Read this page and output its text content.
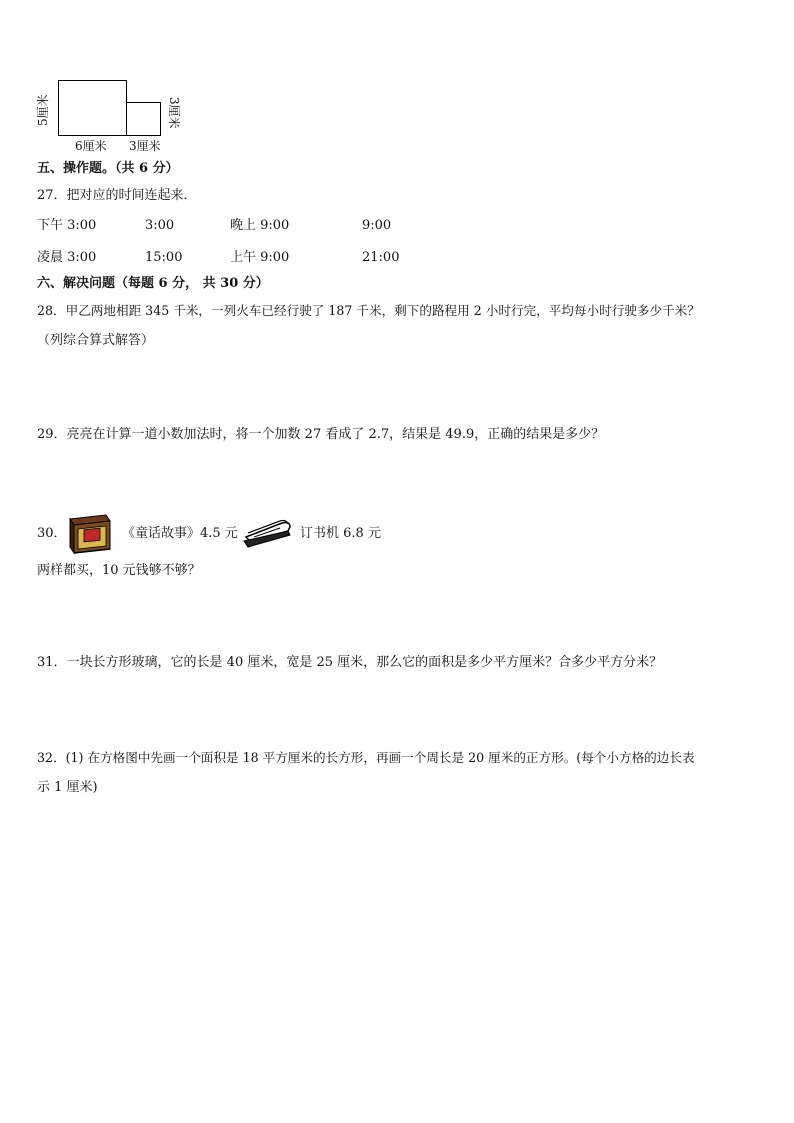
5厘米	3厘米
6厘米 3厘米
五、操作题。（共 6 分）
27．把对应的时间连起来．
下午 3:00	3:00	晚上 9:00	9:00
凌晨 3:00	15:00	上午 9:00	21:00
六、解决问题（每题 6 分， 共 30 分）
28．甲乙两地相距 345 千米，一列火车已经行驶了 187 千米，剩下的路程用 2 小时行完，平均每小时行驶多少千米？
（列综合算式解答）
29．亮亮在计算一道小数加法时，将一个加数 27 看成了 2.7，结果是 49.9，正确的结果是多少？
30．	《童话故事》4.5 元	订书机 6.8 元
两样都买，10 元钱够不够？
31．一块长方形玻璃，它的长是 40 厘米，宽是 25 厘米，那么它的面积是多少平方厘米？合多少平方分米？
32．(1) 在方格图中先画一个面积是 18 平方厘米的长方形，再画一个周长是 20 厘米的正方形。(每个小方格的边长表
示 1 厘米)
